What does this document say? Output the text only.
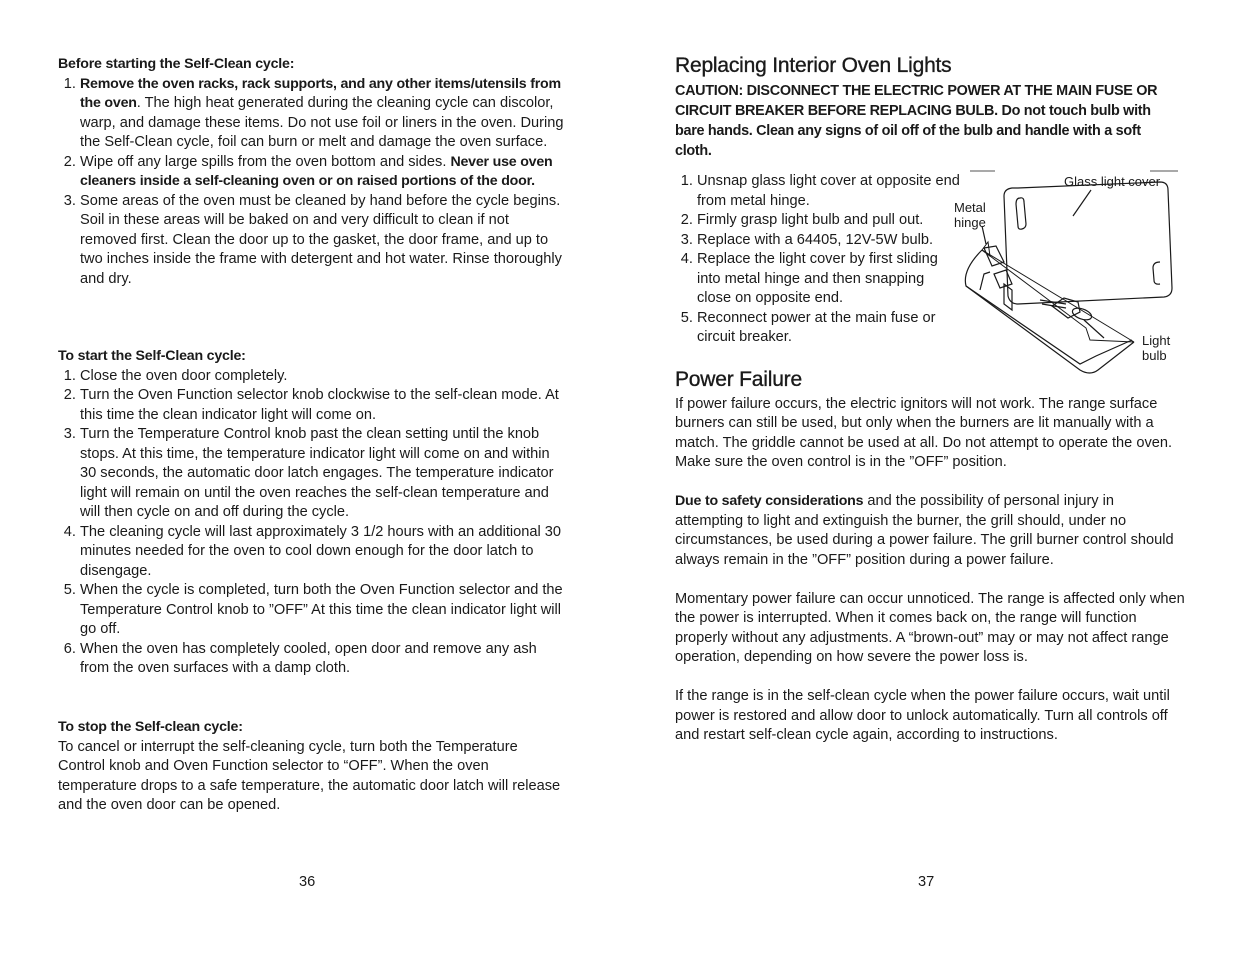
Before starting the Self-Clean cycle:

1. Remove the oven racks, rack supports, and any other items/utensils from the oven. The high heat generated during the cleaning cycle can discolor, warp, and damage these items. Do not use foil or liners in the oven. During the Self-Clean cycle, foil can burn or melt and damage the oven surface.
2. Wipe off any large spills from the oven bottom and sides. Never use oven cleaners inside a self-cleaning oven or on raised portions of the door.
3. Some areas of the oven must be cleaned by hand before the cycle begins. Soil in these areas will be baked on and very difficult to clean if not removed first. Clean the door up to the gasket, the door frame, and up to two inches inside the frame with detergent and hot water. Rinse thoroughly and dry.

To start the Self-Clean cycle:

1. Close the oven door completely.
2. Turn the Oven Function selector knob clockwise to the self-clean mode. At this time the clean indicator light will come on.
3. Turn the Temperature Control knob past the clean setting until the knob stops. At this time, the temperature indicator light will come on and within 30 seconds, the automatic door latch engages. The temperature indicator light will remain on until the oven reaches the self-clean temperature and will then cycle on and off during the cycle.
4. The cleaning cycle will last approximately 3 1/2 hours with an additional 30 minutes needed for the oven to cool down enough for the door latch to disengage.
5. When the cycle is completed, turn both the Oven Function selector and the Temperature Control knob to ”OFF” At this time the clean indicator light will go off.
6. When the oven has completely cooled, open door and remove any ash from the oven surfaces with a damp cloth.

To stop the Self-clean cycle:

To cancel or interrupt the self-cleaning cycle, turn both the Temperature Control knob and Oven Function selector to “OFF”. When the oven temperature drops to a safe temperature, the automatic door latch will release and the oven door can be opened.

36
Replacing Interior Oven Lights

CAUTION: DISCONNECT THE ELECTRIC POWER AT THE MAIN FUSE OR CIRCUIT BREAKER BEFORE REPLACING BULB. Do not touch bulb with bare hands. Clean any signs of oil off of the bulb and handle with a soft cloth.

1. Unsnap glass light cover at opposite end from metal hinge.
2. Firmly grasp light bulb and pull out.
3. Replace with a 64405, 12V-5W bulb.
4. Replace the light cover by first sliding into metal hinge and then snapping close on opposite end.
5. Reconnect power at the main fuse or circuit breaker.
Glass light cover
Metal hinge
Light bulb
Power Failure

If power failure occurs, the electric ignitors will not work. The range surface burners can still be used, but only when the burners are lit manually with a match. The griddle cannot be used at all. Do not attempt to operate the oven. Make sure the oven control is in the ”OFF” position.

Due to safety considerations and the possibility of personal injury in attempting to light and extinguish the burner, the grill should, under no circumstances, be used during a power failure. The grill burner control should always remain in the ”OFF” position during a power failure.

Momentary power failure can occur unnoticed. The range is affected only when the power is interrupted. When it comes back on, the range will function properly without any adjustments. A “brown-out” may or may not affect range operation, depending on how severe the power loss is.

If the range is in the self-clean cycle when the power failure occurs, wait until power is restored and allow door to unlock automatically. Turn all controls off and restart self-clean cycle again, according to instructions.

37
